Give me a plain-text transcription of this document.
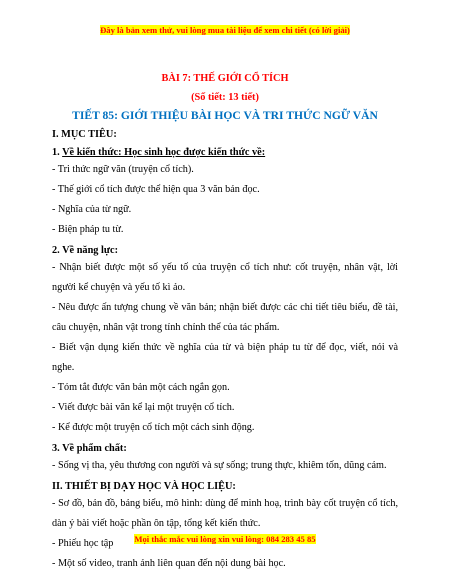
Đây là bản xem thử, vui lòng mua tài liệu để xem chi tiết (có lời giải)
BÀI 7: THẾ GIỚI CỔ TÍCH
(Số tiết: 13 tiết)
TIẾT 85: GIỚI THIỆU BÀI HỌC VÀ TRI THỨC NGỮ VĂN
I. MỤC TIÊU:
1. Về kiến thức: Học sinh học được kiến thức về:

- Tri thức ngữ văn (truyện cổ tích).

- Thế giới cổ tích được thể hiện qua 3 văn bản đọc.

- Nghĩa của từ ngữ.

- Biện pháp tu từ.

2. Về năng lực:

- Nhận biết được một số yếu tố của truyện cổ tích như: cốt truyện, nhân vật, lời người kể chuyện và yếu tố kì ảo.

- Nêu được ấn tượng chung về văn bản; nhận biết được các chi tiết tiêu biểu, đề tài, câu chuyện, nhân vật trong tính chỉnh thể của tác phẩm.

- Biết vận dụng kiến thức về nghĩa của từ và biện pháp tu từ để đọc, viết, nói và nghe.

- Tóm tắt được văn bản một cách ngắn gọn.

- Viết được bài văn kể lại một truyện cổ tích.

- Kể được một truyện cổ tích một cách sinh động.

3. Về phẩm chất:

- Sống vị tha, yêu thương con người và sự sống; trung thực, khiêm tốn, dũng cảm.

II. THIẾT BỊ DẠY HỌC VÀ HỌC LIỆU:

- Sơ đồ, bản đồ, bảng biểu, mô hình: dùng để minh hoạ, trình bày cốt truyện cổ tích, dàn ý bài viết hoặc phần ôn tập, tổng kết kiến thức.

- Phiếu học tập

- Một số video, tranh ảnh liên quan đến nội dung bài học.

Mọi thắc mắc vui lòng xin vui lòng: 084 283 45 85
